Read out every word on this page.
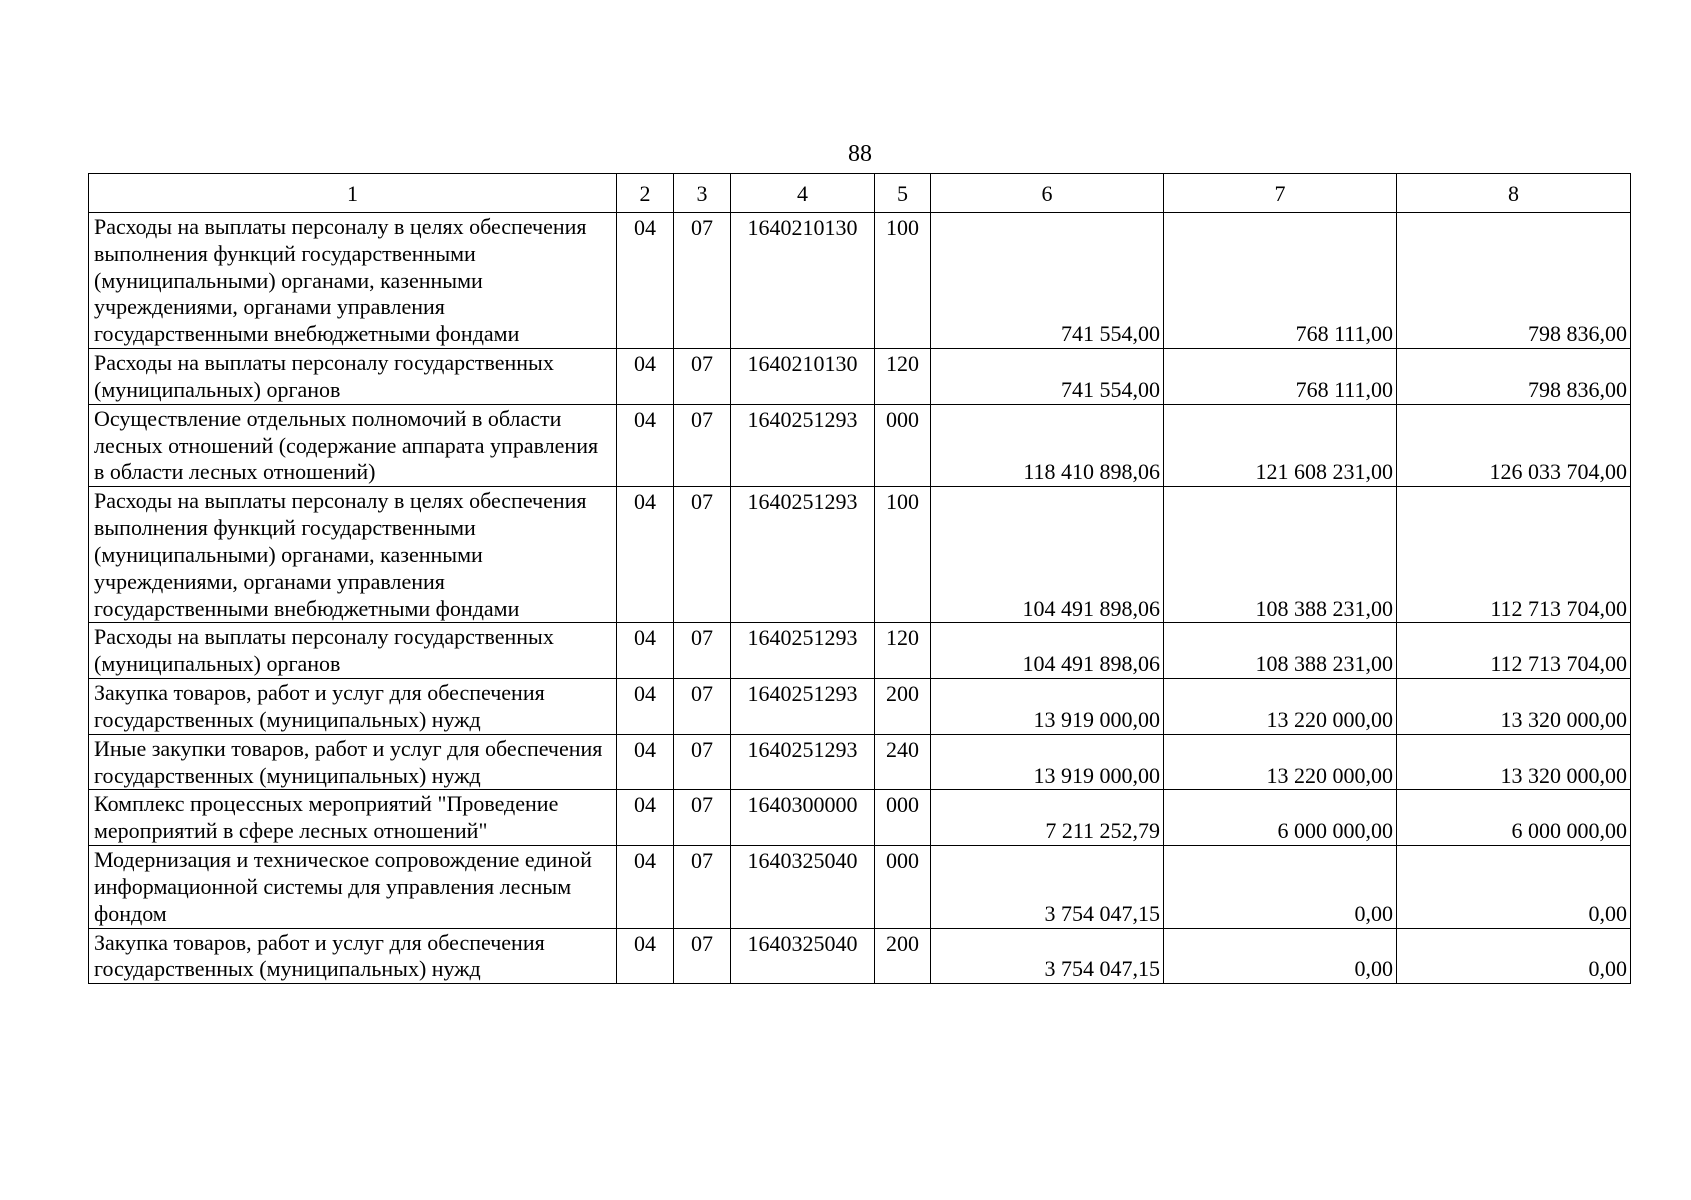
88
1	2	3	4	5	6	7	8
Расходы на выплаты персоналу в целях обеспечения выполнения функций государственными (муниципальными) органами, казенными учреждениями, органами управления государственными внебюджетными фондами	04	07	1640210130	100	741 554,00	768 111,00	798 836,00
Расходы на выплаты персоналу государственных (муниципальных) органов	04	07	1640210130	120	741 554,00	768 111,00	798 836,00
Осуществление отдельных полномочий в области лесных отношений (содержание аппарата управления в области лесных отношений)	04	07	1640251293	000	118 410 898,06	121 608 231,00	126 033 704,00
Расходы на выплаты персоналу в целях обеспечения выполнения функций государственными (муниципальными) органами, казенными учреждениями, органами управления государственными внебюджетными фондами	04	07	1640251293	100	104 491 898,06	108 388 231,00	112 713 704,00
Расходы на выплаты персоналу государственных (муниципальных) органов	04	07	1640251293	120	104 491 898,06	108 388 231,00	112 713 704,00
Закупка товаров, работ и услуг для обеспечения государственных (муниципальных) нужд	04	07	1640251293	200	13 919 000,00	13 220 000,00	13 320 000,00
Иные закупки товаров, работ и услуг для обеспечения государственных (муниципальных) нужд	04	07	1640251293	240	13 919 000,00	13 220 000,00	13 320 000,00
Комплекс процессных мероприятий "Проведение мероприятий в сфере лесных отношений"	04	07	1640300000	000	7 211 252,79	6 000 000,00	6 000 000,00
Модернизация и техническое сопровождение единой информационной системы для управления лесным фондом	04	07	1640325040	000	3 754 047,15	0,00	0,00
Закупка товаров, работ и услуг для обеспечения государственных (муниципальных) нужд	04	07	1640325040	200	3 754 047,15	0,00	0,00
